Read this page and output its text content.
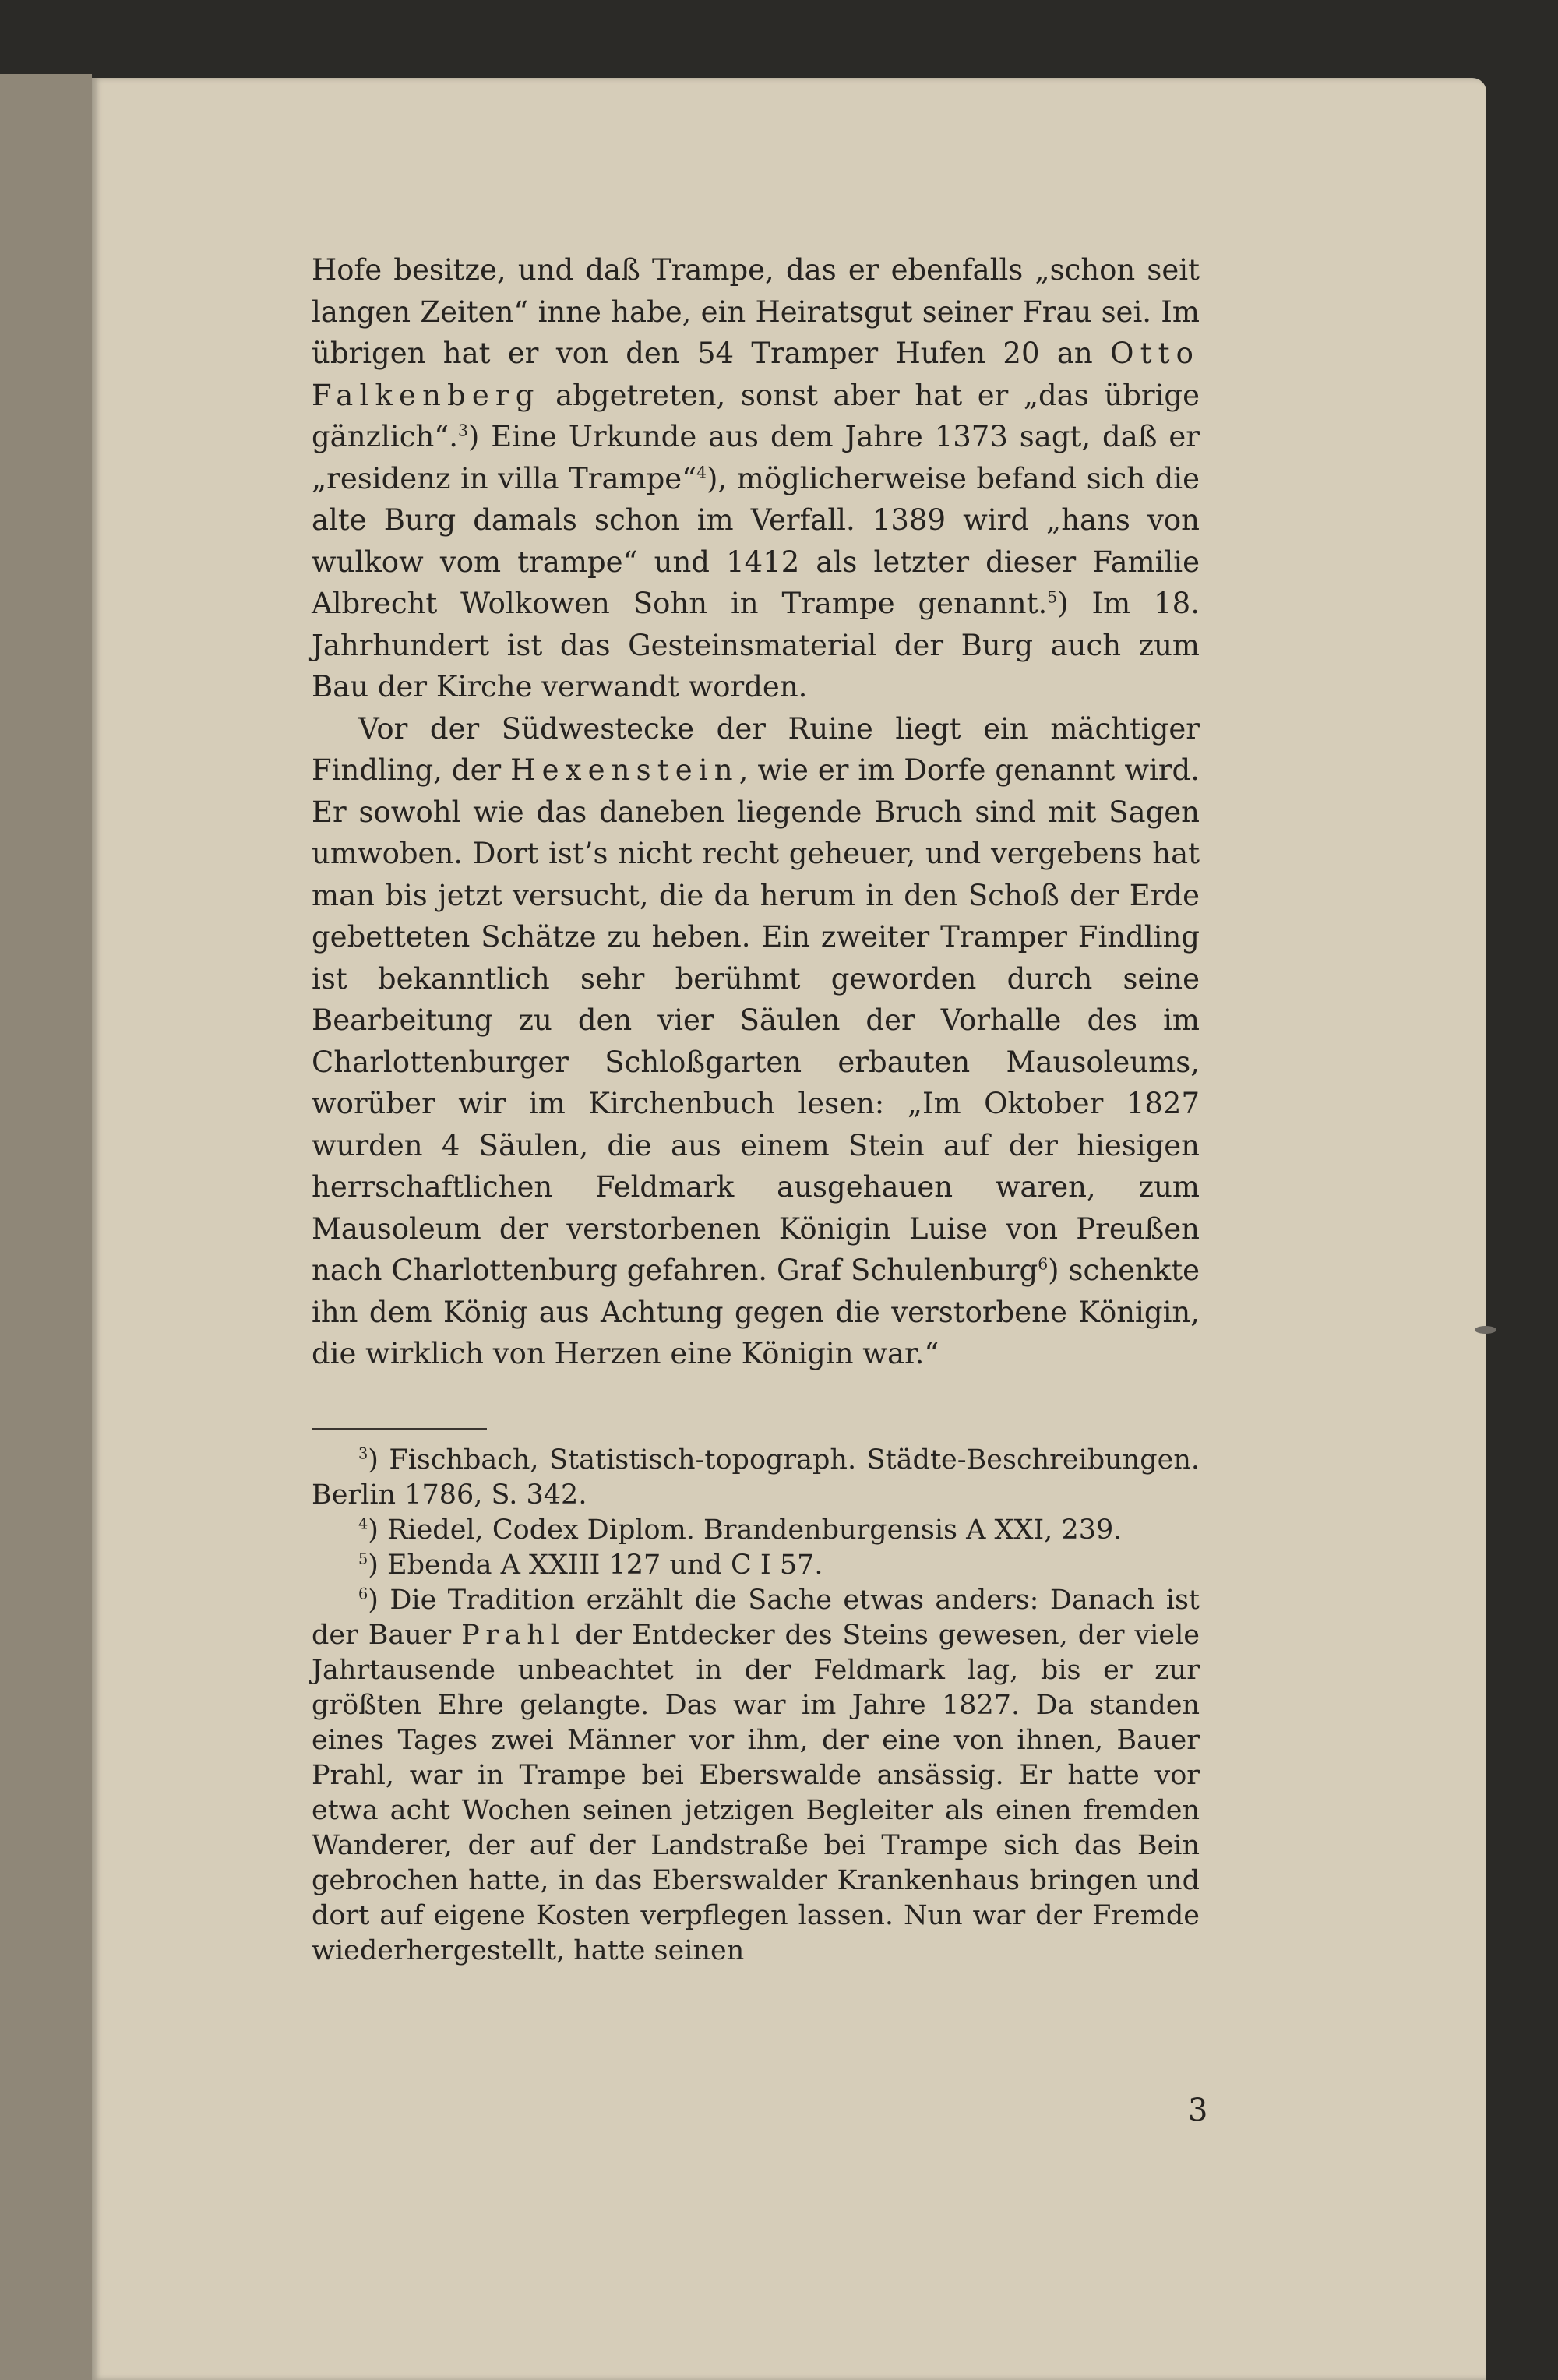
Hofe besitze, und daß Trampe, das er ebenfalls „schon seit langen Zeiten“ inne habe, ein Heiratsgut seiner Frau sei. Im übrigen hat er von den 54 Tramper Hufen 20 an Otto Falkenberg abgetreten, sonst aber hat er „das übrige gänzlich“.$^3$) Eine Urkunde aus dem Jahre 1373 sagt, daß er „residenz in villa Trampe“$^4$), möglicherweise befand sich die alte Burg damals schon im Verfall. 1389 wird „hans von wulkow vom trampe“ und 1412 als letzter dieser Familie Albrecht Wolkowen Sohn in Trampe genannt.$^5$) Im 18. Jahrhundert ist das Gesteinsmaterial der Burg auch zum Bau der Kirche verwandt worden.

Vor der Südwestecke der Ruine liegt ein mächtiger Findling, der Hexenstein, wie er im Dorfe genannt wird. Er sowohl wie das daneben liegende Bruch sind mit Sagen umwoben. Dort ist’s nicht recht geheuer, und vergebens hat man bis jetzt versucht, die da herum in den Schoß der Erde gebetteten Schätze zu heben. Ein zweiter Tramper Findling ist bekanntlich sehr berühmt geworden durch seine Bearbeitung zu den vier Säulen der Vorhalle des im Charlottenburger Schloßgarten erbauten Mausoleums, worüber wir im Kirchenbuch lesen: „Im Oktober 1827 wurden 4 Säulen, die aus einem Stein auf der hiesigen herrschaftlichen Feldmark ausgehauen waren, zum Mausoleum der verstorbenen Königin Luise von Preußen nach Charlottenburg gefahren. Graf Schulenburg$^6$) schenkte ihn dem König aus Achtung gegen die verstorbene Königin, die wirklich von Herzen eine Königin war.“

$^3$) Fischbach, Statistisch-topograph. Städte-Beschreibungen. Berlin 1786, S. 342.

$^4$) Riedel, Codex Diplom. Brandenburgensis A XXI, 239.

$^5$) Ebenda A XXIII 127 und C I 57.

$^6$) Die Tradition erzählt die Sache etwas anders: Danach ist der Bauer Prahl der Entdecker des Steins gewesen, der viele Jahrtausende unbeachtet in der Feldmark lag, bis er zur größten Ehre gelangte. Das war im Jahre 1827. Da standen eines Tages zwei Männer vor ihm, der eine von ihnen, Bauer Prahl, war in Trampe bei Eberswalde ansässig. Er hatte vor etwa acht Wochen seinen jetzigen Begleiter als einen fremden Wanderer, der auf der Landstraße bei Trampe sich das Bein gebrochen hatte, in das Eberswalder Krankenhaus bringen und dort auf eigene Kosten verpflegen lassen. Nun war der Fremde wiederhergestellt, hatte seinen

3
